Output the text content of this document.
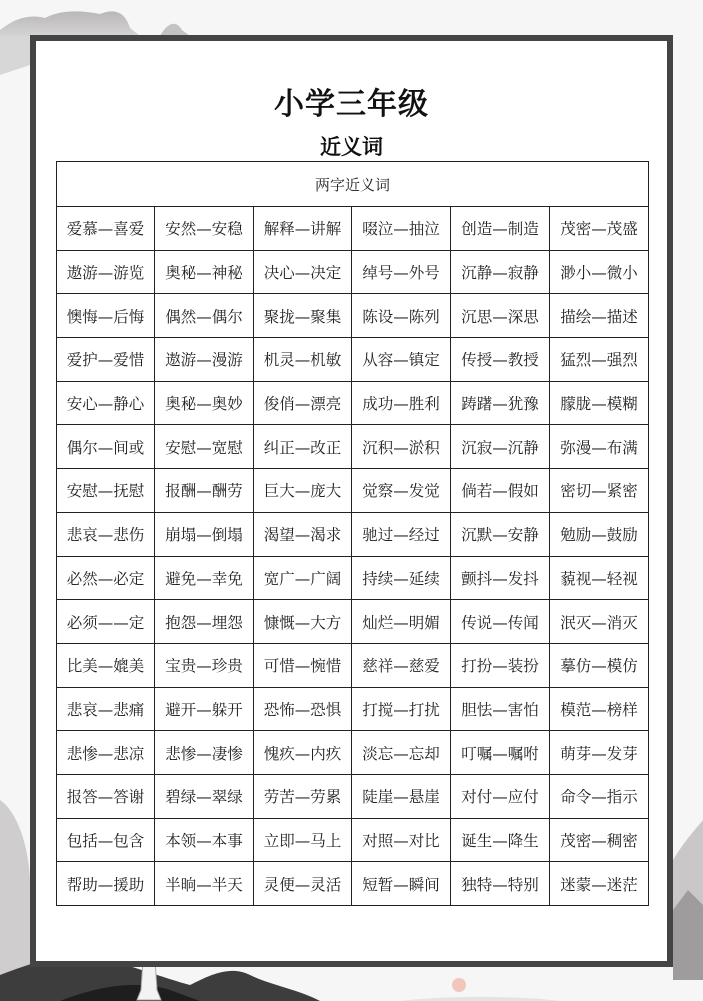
小学三年级
近义词
两字近义词					
爱慕—喜爱	安然—安稳	解释—讲解	啜泣—抽泣	创造—制造	茂密—茂盛
遨游—游览	奥秘—神秘	决心—决定	绰号—外号	沉静—寂静	渺小—微小
懊悔—后悔	偶然—偶尔	聚拢—聚集	陈设—陈列	沉思—深思	描绘—描述
爱护—爱惜	遨游—漫游	机灵—机敏	从容—镇定	传授—教授	猛烈—强烈
安心—静心	奥秘—奥妙	俊俏—漂亮	成功—胜利	踌躇—犹豫	朦胧—模糊
偶尔—间或	安慰—宽慰	纠正—改正	沉积—淤积	沉寂—沉静	弥漫—布满
安慰—抚慰	报酬—酬劳	巨大—庞大	觉察—发觉	倘若—假如	密切—紧密
悲哀—悲伤	崩塌—倒塌	渴望—渴求	驰过—经过	沉默—安静	勉励—鼓励
必然—必定	避免—幸免	宽广—广阔	持续—延续	颤抖—发抖	藐视—轻视
必须——定	抱怨—埋怨	慷慨—大方	灿烂—明媚	传说—传闻	泯灭—消灭
比美—媲美	宝贵—珍贵	可惜—惋惜	慈祥—慈爱	打扮—装扮	摹仿—模仿
悲哀—悲痛	避开—躲开	恐怖—恐惧	打搅—打扰	胆怯—害怕	模范—榜样
悲惨—悲凉	悲惨—凄惨	愧疚—内疚	淡忘—忘却	叮嘱—嘱咐	萌芽—发芽
报答—答谢	碧绿—翠绿	劳苦—劳累	陡崖—悬崖	对付—应付	命令—指示
包括—包含	本领—本事	立即—马上	对照—对比	诞生—降生	茂密—稠密
帮助—援助	半晌—半天	灵便—灵活	短暂—瞬间	独特—特别	迷蒙—迷茫
